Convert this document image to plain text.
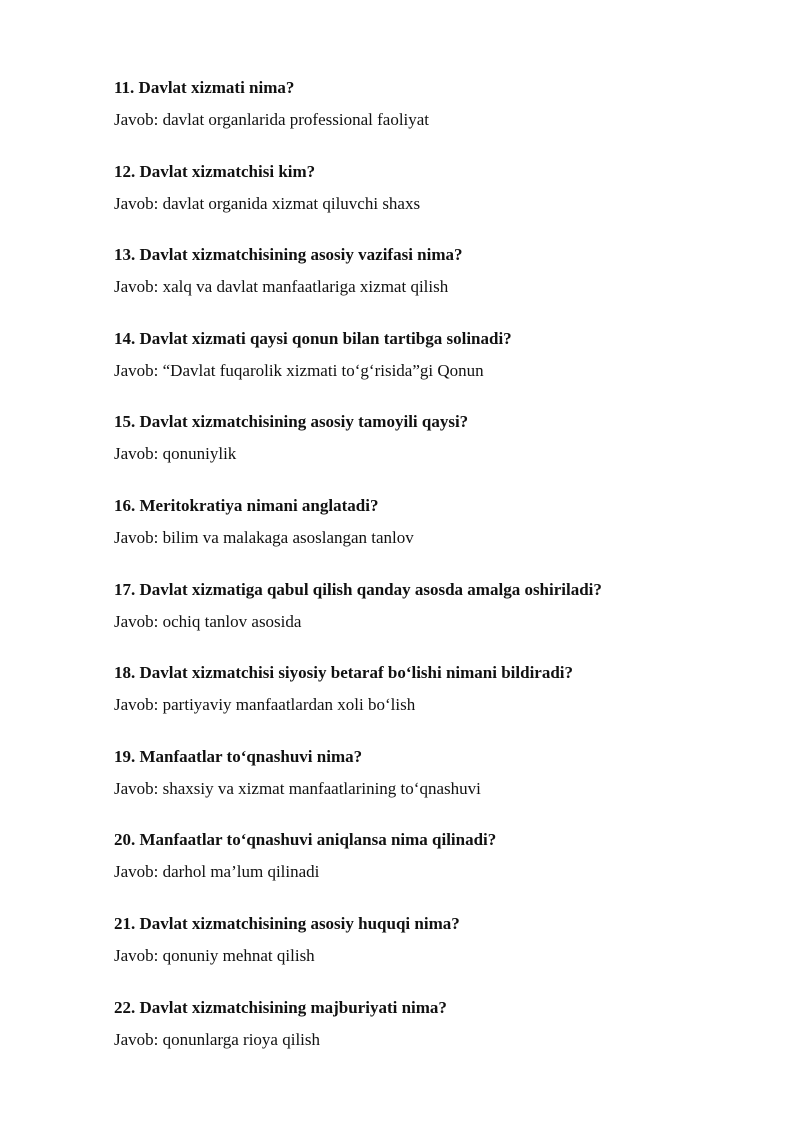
11. Davlat xizmati nima?
Javob: davlat organlarida professional faoliyat
12. Davlat xizmatchisi kim?
Javob: davlat organida xizmat qiluvchi shaxs
13. Davlat xizmatchisining asosiy vazifasi nima?
Javob: xalq va davlat manfaatlariga xizmat qilish
14. Davlat xizmati qaysi qonun bilan tartibga solinadi?
Javob: “Davlat fuqarolik xizmati to‘g‘risida”gi Qonun
15. Davlat xizmatchisining asosiy tamoyili qaysi?
Javob: qonuniylik
16. Meritokratiya nimani anglatadi?
Javob: bilim va malakaga asoslangan tanlov
17. Davlat xizmatiga qabul qilish qanday asosda amalga oshiriladi?
Javob: ochiq tanlov asosida
18. Davlat xizmatchisi siyosiy betaraf bo‘lishi nimani bildiradi?
Javob: partiyaviy manfaatlardan xoli bo‘lish
19. Manfaatlar to‘qnashuvi nima?
Javob: shaxsiy va xizmat manfaatlarining to‘qnashuvi
20. Manfaatlar to‘qnashuvi aniqlansa nima qilinadi?
Javob: darhol ma’lum qilinadi
21. Davlat xizmatchisining asosiy huquqi nima?
Javob: qonuniy mehnat qilish
22. Davlat xizmatchisining majburiyati nima?
Javob: qonunlarga rioya qilish
